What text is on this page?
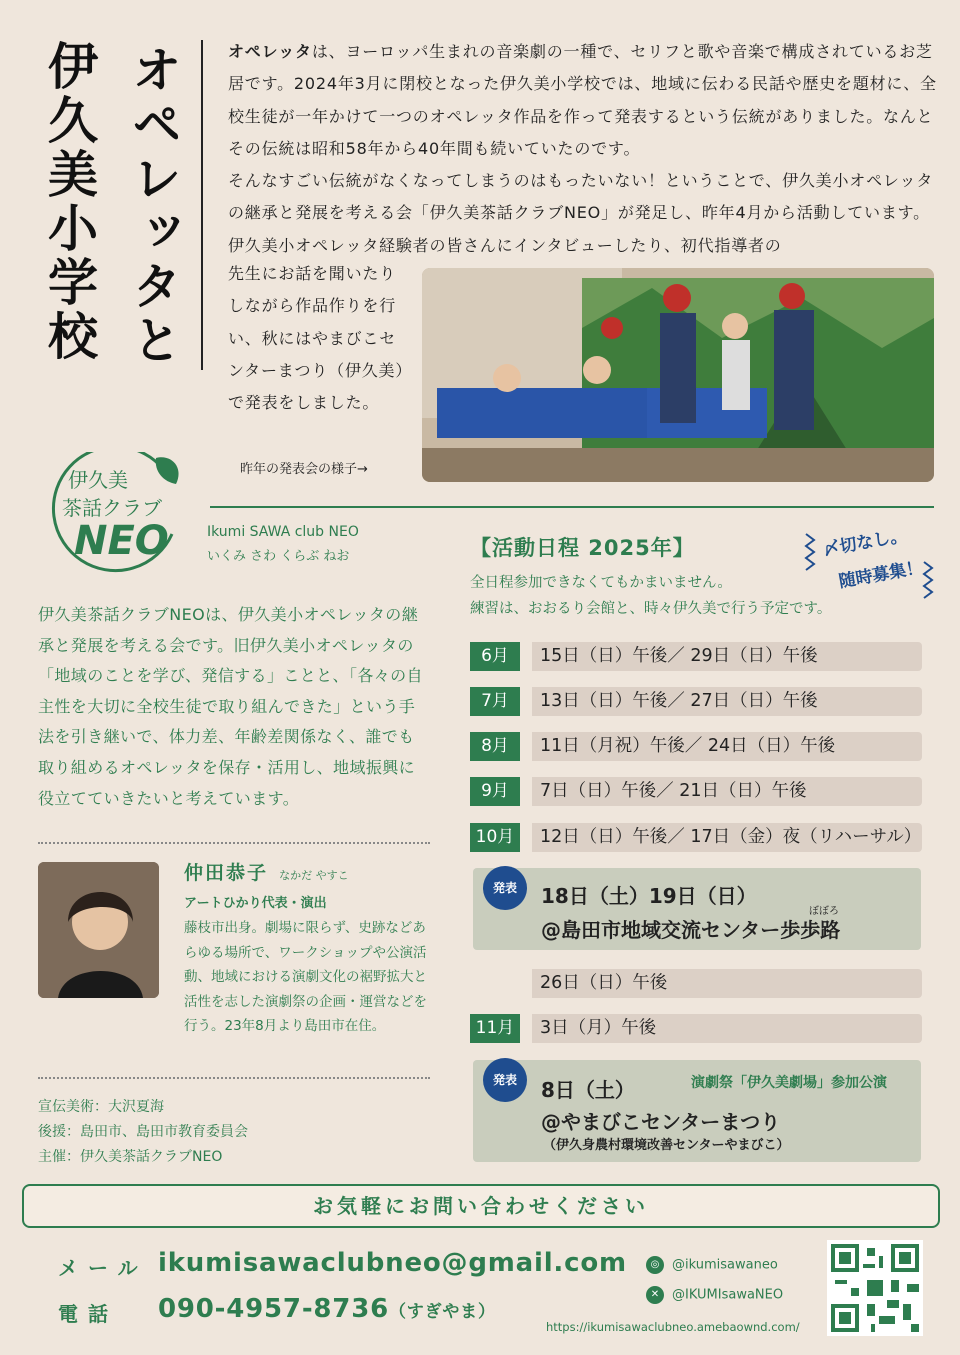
オペレッタと
伊久美小学校	オペレッタは、ヨーロッパ生まれの音楽劇の一種で、セリフと歌や音楽で構成されているお芝居です。2024年3月に閉校となった伊久美小学校では、地域に伝わる民話や歴史を題材に、全校生徒が一年かけて一つのオペレッタ作品を作って発表するという伝統がありました。なんとその伝統は昭和58年から40年間も続いていたのです。
そんなすごい伝統がなくなってしまうのはもったいない！ということで、伊久美小オペレッタの継承と発展を考える会「伊久美茶話クラブNEO」が発足し、昨年4月から活動しています。伊久美小オペレッタ経験者の皆さんにインタビューしたり、初代指導者の
先生にお話を聞いたりしながら作品作りを行い、秋にはやまびこセンターまつり（伊久美）で発表をしました。
昨年の発表会の様子→
伊久美
茶話クラブ
NEO	Ikumi SAWA club NEO
いくみ さわ くらぶ ねお
伊久美茶話クラブNEOは、伊久美小オペレッタの継承と発展を考える会です。旧伊久美小オペレッタの「地域のことを学び、発信する」ことと、「各々の自主性を大切に全校生徒で取り組んできた」という手法を引き継いで、体力差、年齢差関係なく、誰でも取り組めるオペレッタを保存・活用し、地域振興に役立てていきたいと考えています。
仲田恭子 なかだ やすこ
アートひかり代表・演出
藤枝市出身。劇場に限らず、史跡などあらゆる場所で、ワークショップや公演活動、地域における演劇文化の裾野拡大と活性を志した演劇祭の企画・運営などを行う。23年8月より島田市在住。
宣伝美術：大沢夏海
後援：島田市、島田市教育委員会
主催：伊久美茶話クラブNEO
【活動日程 2025年】	〆切なし。
随時募集！
全日程参加できなくてもかまいません。
練習は、おおるり会館と、時々伊久美で行う予定です。
6月	15日（日）午後／ 29日（日）午後
7月	13日（日）午後／ 27日（日）午後
8月	11日（月祝）午後／ 24日（日）午後
9月	7日（日）午後／ 21日（日）午後
10月	12日（日）午後／ 17日（金）夜（リハーサル）
発表	18日（土）19日（日）
ぼぼろ
@島田市地域交流センター歩歩路
26日（日）午後
11月	3日（月）午後
発表	8日（土）	演劇祭「伊久美劇場」参加公演
@やまびこセンターまつり
（伊久身農村環境改善センターやまびこ）
お気軽にお問い合わせください
メール ikumisawaclubneo@gmail.com
電話 090-4957-8736（すぎやま）
◎ @ikumisawaneo
✕ @IKUMIsawaNEO
https://ikumisawaclubneo.amebaownd.com/
